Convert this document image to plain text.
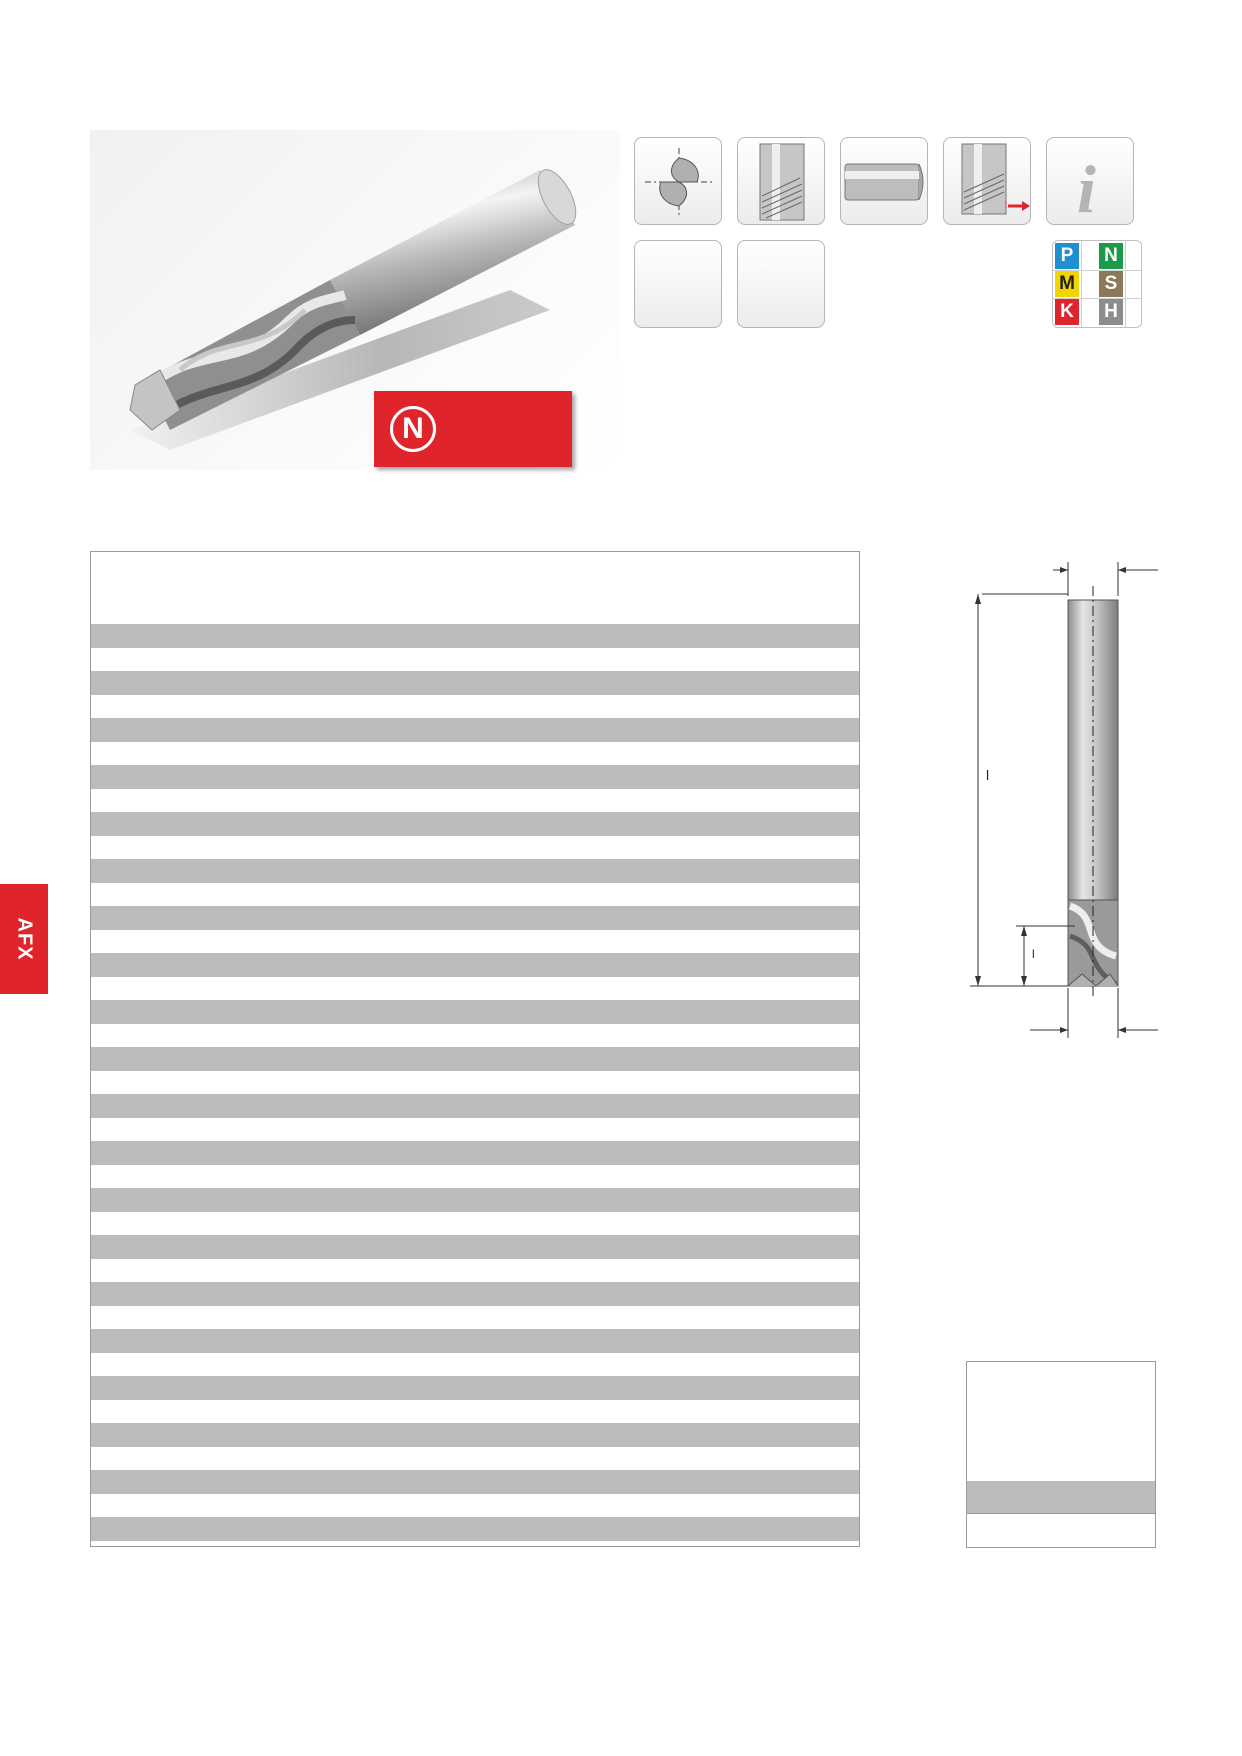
N
i
P N
M S
K H
AFX
l
l
